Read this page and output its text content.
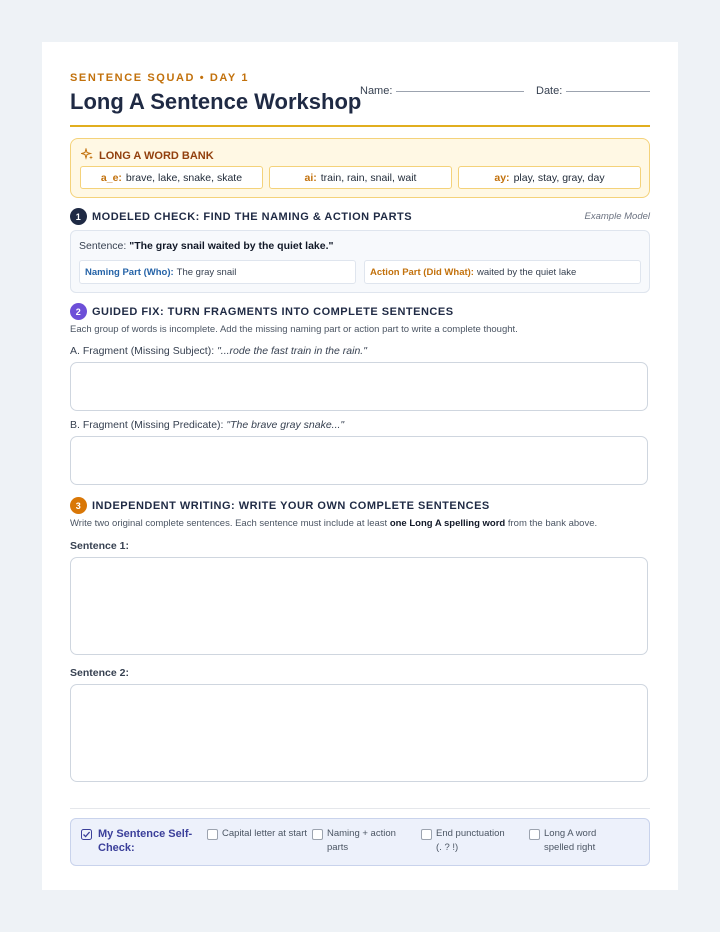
SENTENCE SQUAD • DAY 1
Long A Sentence Workshop
Name:	Date:
LONG A WORD BANK
a_e: brave, lake, snake, skate	ai: train, rain, snail, wait	ay: play, stay, gray, day
1 MODELED CHECK: FIND THE NAMING & ACTION PARTS	Example Model
Sentence: "The gray snail waited by the quiet lake."
Naming Part (Who): The gray snail	Action Part (Did What): waited by the quiet lake
2 GUIDED FIX: TURN FRAGMENTS INTO COMPLETE SENTENCES
Each group of words is incomplete. Add the missing naming part or action part to write a complete thought.
A. Fragment (Missing Subject): "...rode the fast train in the rain."
B. Fragment (Missing Predicate): "The brave gray snake..."
3 INDEPENDENT WRITING: WRITE YOUR OWN COMPLETE SENTENCES
Write two original complete sentences. Each sentence must include at least one Long A spelling word from the bank above.
Sentence 1:
Sentence 2:
My Sentence Self-Check:
Capital letter at start Naming + action parts
End punctuation (. ? !)
Long A word spelled right
